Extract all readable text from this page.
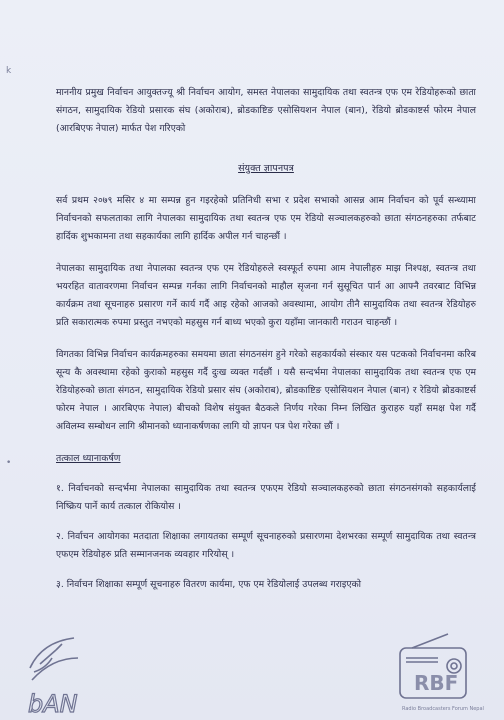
k
•

माननीय प्रमुख निर्वाचन आयुक्तज्यू श्री निर्वाचन आयोग, समस्त नेपालका सामुदायिक तथा स्वतन्त्र एफ एम रेडियोहरूको छाता संगठन, सामुदायिक रेडियो प्रसारक संघ (अकोराब), ब्रोडकाष्टिङ एसोसियशन नेपाल (बान), रेडियो ब्रोडकाष्टर्स फोरम नेपाल (आरबिएफ नेपाल) मार्फत पेश गरिएको

संयुक्त ज्ञापनपत्र

सर्व प्रथम २०७९ मसिर ४ मा सम्पन्न हुन गइरहेको प्रतिनिधी सभा र प्रदेश सभाको आसन्न आम निर्वाचन को पूर्व सन्ध्यामा निर्वाचनको सफलताका लागि नेपालका सामुदायिक तथा स्वतन्त्र एफ एम रेडियो सञ्चालकहरुको छाता संगठनहरुका तर्फबाट हार्दिक शुभकामना तथा सहकार्यका लागि हार्दिक अपील गर्न चाहन्छौं ।

नेपालका सामुदायिक तथा नेपालका स्वतन्त्र एफ एम रेडियोहरुले स्वस्फूर्त रुपमा आम नेपालीहरु माझ निश्पक्ष, स्वतन्त्र तथा भयरहित वातावरणमा निर्वाचन सम्पन्न गर्नका लागि निर्वाचनको माहौल सृजना गर्न सुसूचित पार्न आ आफ्नै तवरबाट विभिन्न कार्यक्रम तथा सूचनाहरु प्रसारण गर्ने कार्य गर्दै आइ रहेको आजको अवस्थामा, आयोग तीनै सामुदायिक तथा स्वतन्त्र रेडियोहरु प्रति सकारात्मक रुपमा प्रस्तुत नभएको महसुस गर्न बाध्य भएको कुरा यहाँमा जानकारी गराउन चाहन्छौं ।

विगतका विभिन्न निर्वाचन कार्यक्रमहरुका समयमा छाता संगठनसंग हुने गरेको सहकार्यको संस्कार यस पटकको निर्वाचनमा करिब सून्य कै अवस्थामा रहेको कुराको महसुस गर्दै दुःख व्यक्त गर्दछौं । यसै सन्दर्भमा नेपालका सामुदायिक तथा स्वतन्त्र एफ एम रेडियोहरुको छाता संगठन, सामुदायिक रेडियो प्रसार संघ (अकोराब), ब्रोडकाष्टिङ एसोसियशन नेपाल (बान) र रेडियो ब्रोडकाष्टर्स फोरम नेपाल । आरबिएफ नेपाल) बीचको विशेष संयुक्त बैठकले निर्णय गरेका निम्न लिखित कुराहरु यहाँ समक्ष पेश गर्दै अविलम्व सम्बोधन लागि श्रीमानको ध्यानाकर्षणका लागि यो ज्ञापन पत्र पेश गरेका छौं ।

तत्काल ध्यानाकर्षण

१. निर्वाचनको सन्दर्भमा नेपालका सामुदायिक तथा स्वतन्त्र एफएम रेडियो सञ्चालकहरुको छाता संगठनसंगको सहकार्यलाई निष्क्रिय पार्ने कार्य तत्काल रोकियोस ।

२. निर्वाचन आयोगका मतदाता शिक्षाका लगायतका सम्पूर्ण सूचनाहरुको प्रसारणमा देशभरका सम्पूर्ण सामुदायिक तथा स्वतन्त्र एफएम रेडियोहरु प्रति सम्मानजनक व्यवहार गरियोस् ।

३. निर्वाचन शिक्षाका सम्पूर्ण सूचनाहरु वितरण कार्यमा, एफ एम रेडियोलाई उपलब्ध गराइएको

bAN
RBF
Radio Broadcasters Forum Nepal
